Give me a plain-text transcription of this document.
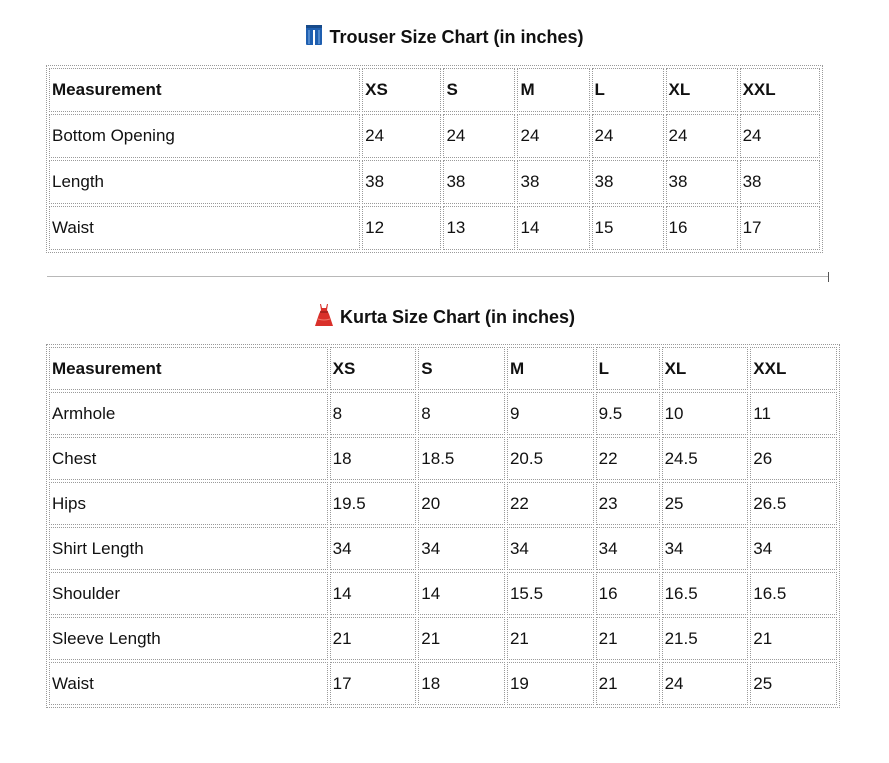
Trouser Size Chart (in inches)
Measurement	XS	S	M	L	XL	XXL
Bottom Opening	24	24	24	24	24	24
Length	38	38	38	38	38	38
Waist	12	13	14	15	16	17
Kurta Size Chart (in inches)
Measurement	XS	S	M	L	XL	XXL
Armhole	8	8	9	9.5	10	11
Chest	18	18.5	20.5	22	24.5	26
Hips	19.5	20	22	23	25	26.5
Shirt Length	34	34	34	34	34	34
Shoulder	14	14	15.5	16	16.5	16.5
Sleeve Length	21	21	21	21	21.5	21
Waist	17	18	19	21	24	25
